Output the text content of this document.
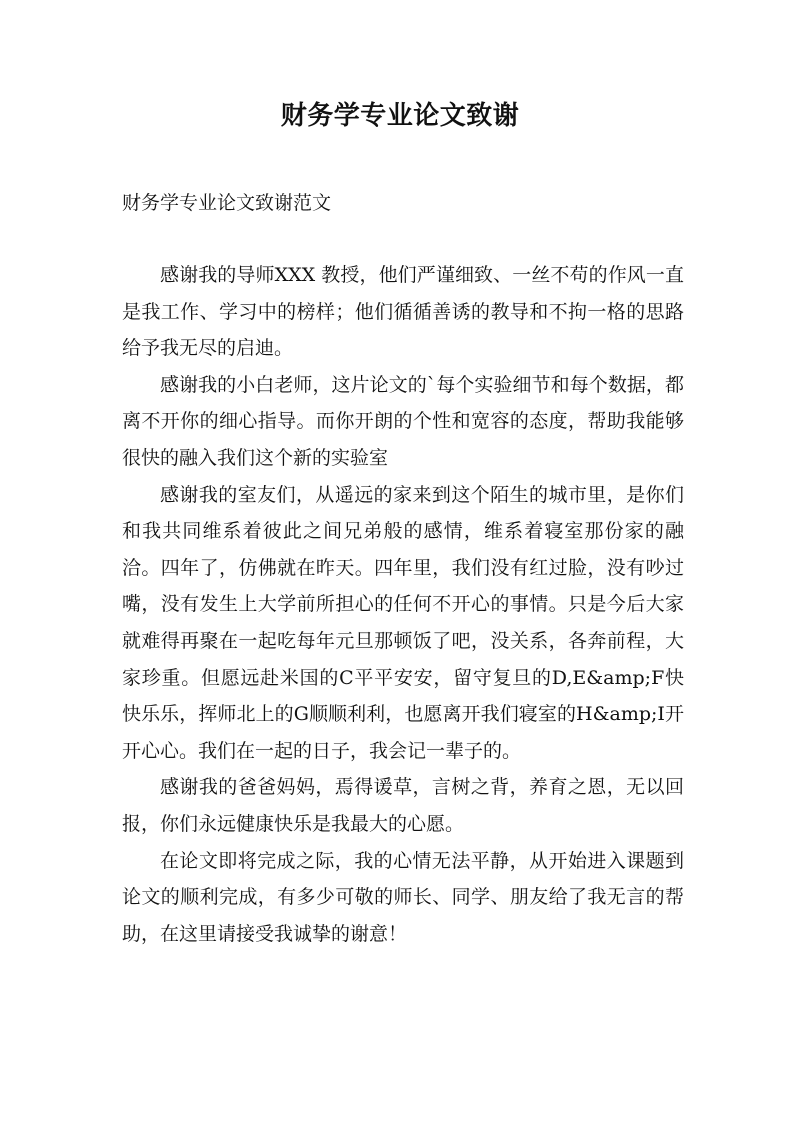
财务学专业论文致谢
财务学专业论文致谢范文

感谢我的导师XXX 教授，他们严谨细致、一丝不苟的作风一直是我工作、学习中的榜样；他们循循善诱的教导和不拘一格的思路给予我无尽的启迪。

感谢我的小白老师，这片论文的`每个实验细节和每个数据，都离不开你的细心指导。而你开朗的个性和宽容的态度，帮助我能够很快的融入我们这个新的实验室

感谢我的室友们，从遥远的家来到这个陌生的城市里，是你们和我共同维系着彼此之间兄弟般的感情，维系着寝室那份家的融洽。四年了，仿佛就在昨天。四年里，我们没有红过脸，没有吵过嘴，没有发生上大学前所担心的任何不开心的事情。只是今后大家就难得再聚在一起吃每年元旦那顿饭了吧，没关系，各奔前程，大家珍重。但愿远赴米国的C平平安安，留守复旦的D,E&amp;F快快乐乐，挥师北上的G顺顺利利，也愿离开我们寝室的H&amp;I开开心心。我们在一起的日子，我会记一辈子的。

感谢我的爸爸妈妈，焉得谖草，言树之背，养育之恩，无以回报，你们永远健康快乐是我最大的心愿。

在论文即将完成之际，我的心情无法平静，从开始进入课题到论文的顺利完成，有多少可敬的师长、同学、朋友给了我无言的帮助，在这里请接受我诚挚的谢意！
